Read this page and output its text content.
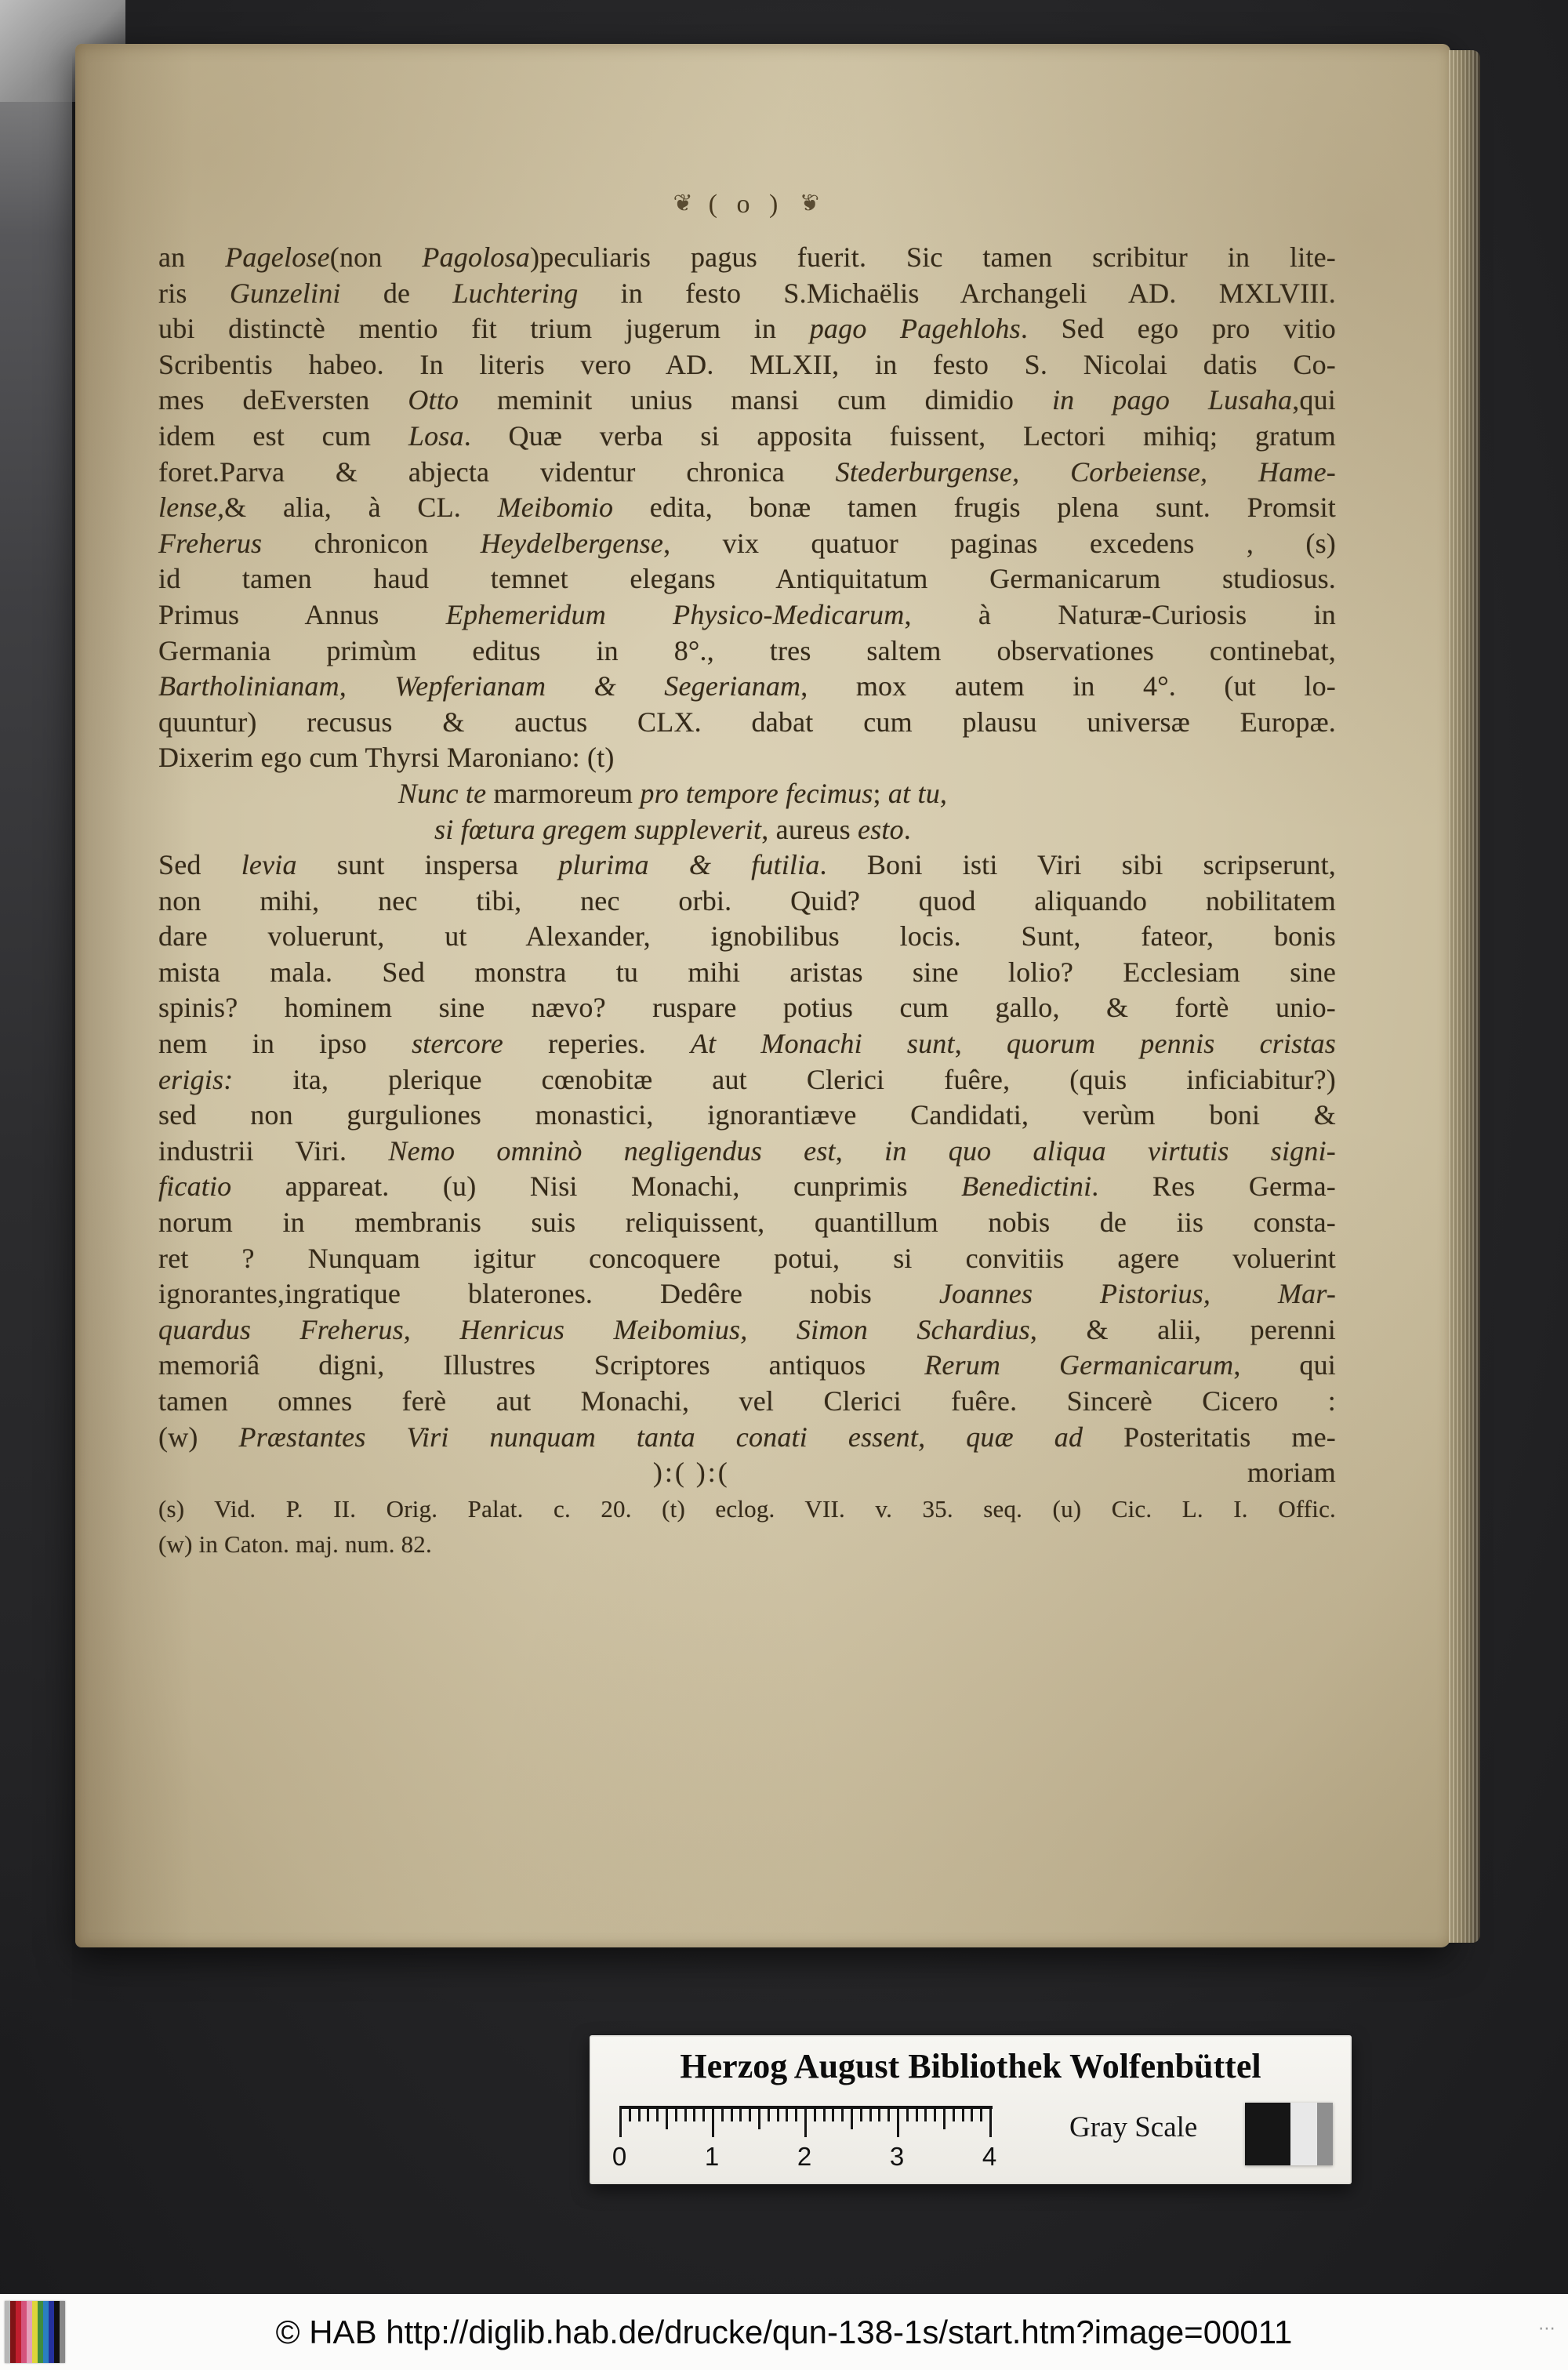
❦ ( o ) ❦
an Pagelose(non Pagolosa)peculiaris pagus fuerit. Sic tamen scribitur in lite-
ris Gunzelini de Luchtering in festo S.Michaëlis Archangeli AD. MXLVIII.
ubi distinctè mentio fit trium jugerum in pago Pagehlohs. Sed ego pro vitio
Scribentis habeo. In literis vero AD. MLXII, in festo S. Nicolai datis Co-
mes deEversten Otto meminit unius mansi cum dimidio in pago Lusaha,qui
idem est cum Losa. Quæ verba si apposita fuissent, Lectori mihiq; gratum
foret.Parva & abjecta videntur chronica Stederburgense, Corbeiense, Hame-
lense,& alia, à CL. Meibomio edita, bonæ tamen frugis plena sunt. Promsit
Freherus chronicon Heydelbergense, vix quatuor paginas excedens , (s)
id tamen haud temnet elegans Antiquitatum Germanicarum studiosus.
Primus Annus Ephemeridum Physico-Medicarum, à Naturæ-Curiosis in
Germania primùm editus in 8°., tres saltem observationes continebat,
Bartholinianam, Wepferianam & Segerianam, mox autem in 4°. (ut lo-
quuntur) recusus & auctus CLX. dabat cum plausu universæ Europæ.
Dixerim ego cum Thyrsi Maroniano: (t)
Nunc te marmoreum pro tempore fecimus; at tu,
si fœtura gregem suppleverit, aureus esto.
Sed levia sunt inspersa plurima & futilia. Boni isti Viri sibi scripserunt,
non mihi, nec tibi, nec orbi. Quid? quod aliquando nobilitatem
dare voluerunt, ut Alexander, ignobilibus locis. Sunt, fateor, bonis
mista mala. Sed monstra tu mihi aristas sine lolio? Ecclesiam sine
spinis? hominem sine nævo? ruspare potius cum gallo, & fortè unio-
nem in ipso stercore reperies. At Monachi sunt, quorum pennis cristas
erigis: ita, plerique cœnobitæ aut Clerici fuêre, (quis inficiabitur?)
sed non gurguliones monastici, ignorantiæve Candidati, verùm boni &
industrii Viri. Nemo omninò negligendus est, in quo aliqua virtutis signi-
ficatio appareat. (u) Nisi Monachi, cunprimis Benedictini. Res Germa-
norum in membranis suis reliquissent, quantillum nobis de iis consta-
ret ? Nunquam igitur concoquere potui, si convitiis agere voluerint
ignorantes,ingratique blaterones. Dedêre nobis Joannes Pistorius, Mar-
quardus Freherus, Henricus Meibomius, Simon Schardius, & alii, perenni
memoriâ digni, Illustres Scriptores antiquos Rerum Germanicarum, qui
tamen omnes ferè aut Monachi, vel Clerici fuêre. Sincerè Cicero :
(w) Præstantes Viri nunquam tanta conati essent, quæ ad Posteritatis me-
):( ):(	moriam
(s) Vid. P. II. Orig. Palat. c. 20. (t) eclog. VII. v. 35. seq. (u) Cic. L. I. Offic.
(w) in Caton. maj. num. 82.
Herzog August Bibliothek Wolfenbüttel
0	1	2	3	4
Gray Scale
© HAB http://diglib.hab.de/drucke/qun-138-1s/start.htm?image=00011	⋯
